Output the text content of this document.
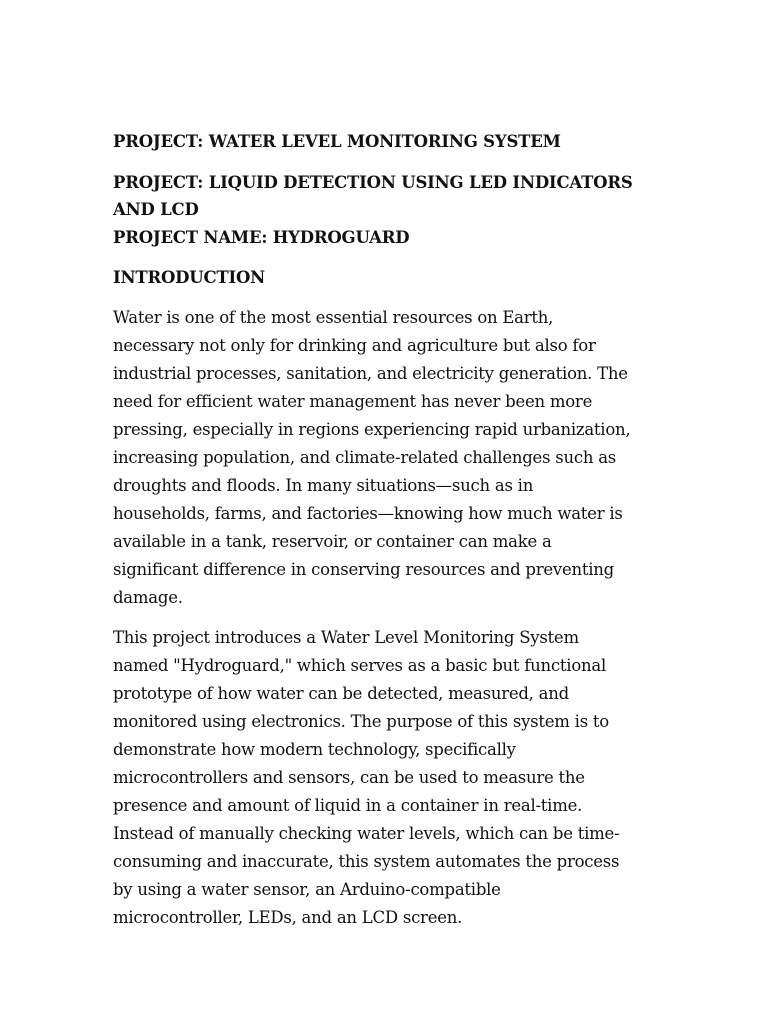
PROJECT: WATER LEVEL MONITORING SYSTEM

PROJECT: LIQUID DETECTION USING LED INDICATORS

AND LCD

PROJECT NAME: HYDROGUARD

INTRODUCTION

Water is one of the most essential resources on Earth,
necessary not only for drinking and agriculture but also for
industrial processes, sanitation, and electricity generation. The
need for efficient water management has never been more
pressing, especially in regions experiencing rapid urbanization,
increasing population, and climate-related challenges such as
droughts and floods. In many situations—such as in
households, farms, and factories—knowing how much water is
available in a tank, reservoir, or container can make a
significant difference in conserving resources and preventing
damage.
This project introduces a Water Level Monitoring System
named "Hydroguard," which serves as a basic but functional
prototype of how water can be detected, measured, and
monitored using electronics. The purpose of this system is to
demonstrate how modern technology, specifically
microcontrollers and sensors, can be used to measure the
presence and amount of liquid in a container in real-time.
Instead of manually checking water levels, which can be time-
consuming and inaccurate, this system automates the process
by using a water sensor, an Arduino-compatible
microcontroller, LEDs, and an LCD screen.
